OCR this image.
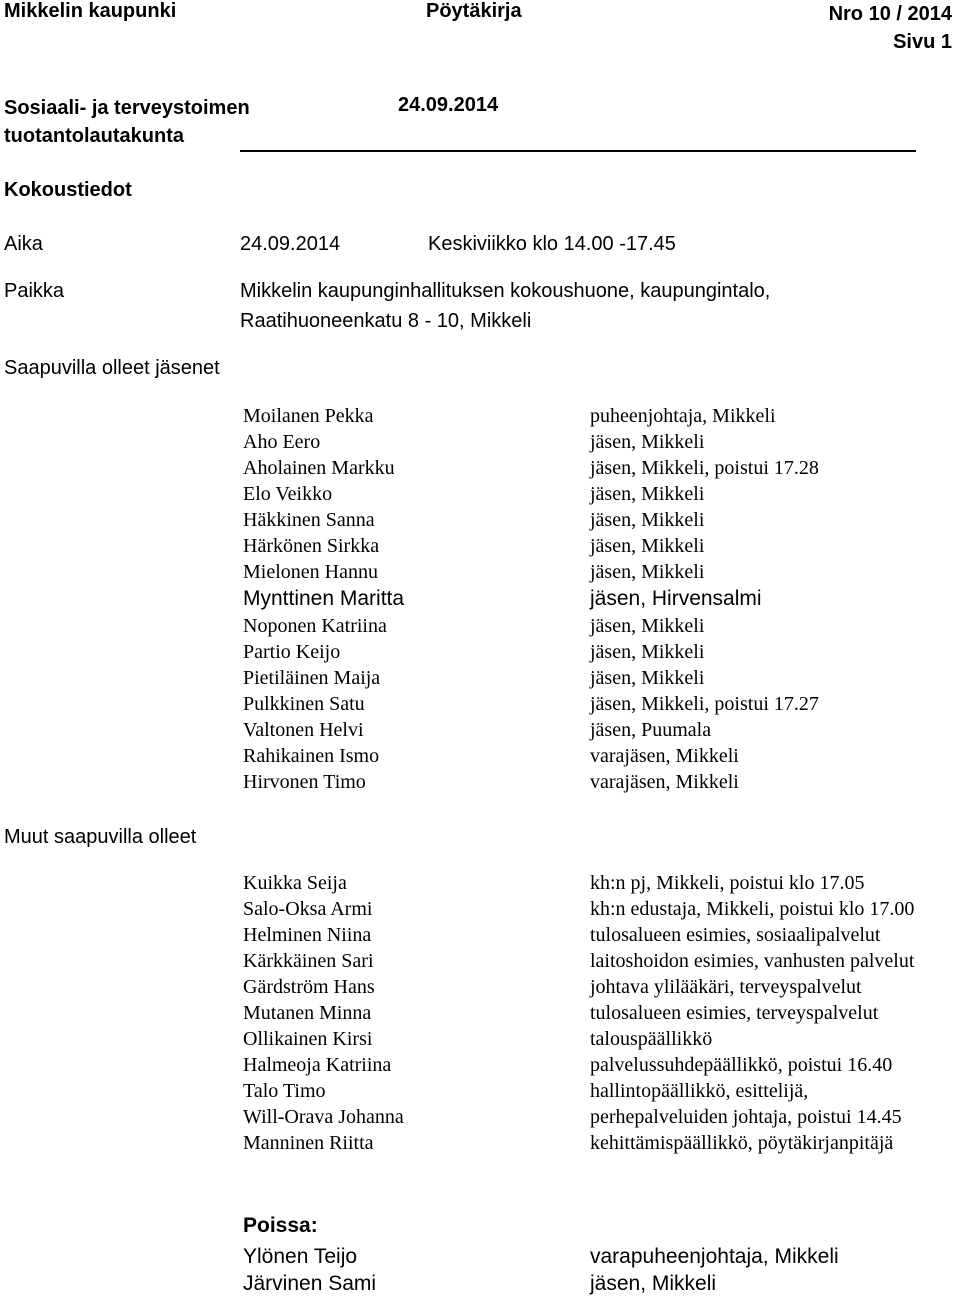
Mikkelin kaupunki	Pöytäkirja	Nro 10 / 2014
Sivu 1
Sosiaali- ja terveystoimen
tuotantolautakunta
24.09.2014
Kokoustiedot
Aika	24.09.2014	Keskiviikko klo 14.00 -17.45
Paikka	Mikkelin kaupunginhallituksen kokoushuone, kaupungintalo,
Raatihuoneenkatu 8 - 10, Mikkeli
Saapuvilla olleet jäsenet
Moilanen Pekka	puheenjohtaja, Mikkeli
Aho Eero	jäsen, Mikkeli
Aholainen Markku	jäsen, Mikkeli, poistui 17.28
Elo Veikko	jäsen, Mikkeli
Häkkinen Sanna	jäsen, Mikkeli
Härkönen Sirkka	jäsen, Mikkeli
Mielonen Hannu	jäsen, Mikkeli
Mynttinen Maritta	jäsen, Hirvensalmi
Noponen Katriina	jäsen, Mikkeli
Partio Keijo	jäsen, Mikkeli
Pietiläinen Maija	jäsen, Mikkeli
Pulkkinen Satu	jäsen, Mikkeli, poistui 17.27
Valtonen Helvi	jäsen, Puumala
Rahikainen Ismo	varajäsen, Mikkeli
Hirvonen Timo	varajäsen, Mikkeli
Muut saapuvilla olleet
Kuikka Seija	kh:n pj, Mikkeli, poistui klo 17.05
Salo-Oksa Armi	kh:n edustaja, Mikkeli, poistui klo 17.00
Helminen Niina	tulosalueen esimies, sosiaalipalvelut
Kärkkäinen Sari	laitoshoidon esimies, vanhusten palvelut
Gärdström Hans	johtava ylilääkäri, terveyspalvelut
Mutanen Minna	tulosalueen esimies, terveyspalvelut
Ollikainen Kirsi	talouspäällikkö
Halmeoja Katriina	palvelussuhdepäällikkö, poistui 16.40
Talo Timo	hallintopäällikkö, esittelijä,
Will-Orava Johanna	perhepalveluiden johtaja, poistui 14.45
Manninen Riitta	kehittämispäällikkö, pöytäkirjanpitäjä
Poissa:
Ylönen Teijo	varapuheenjohtaja, Mikkeli
Järvinen Sami	jäsen, Mikkeli
